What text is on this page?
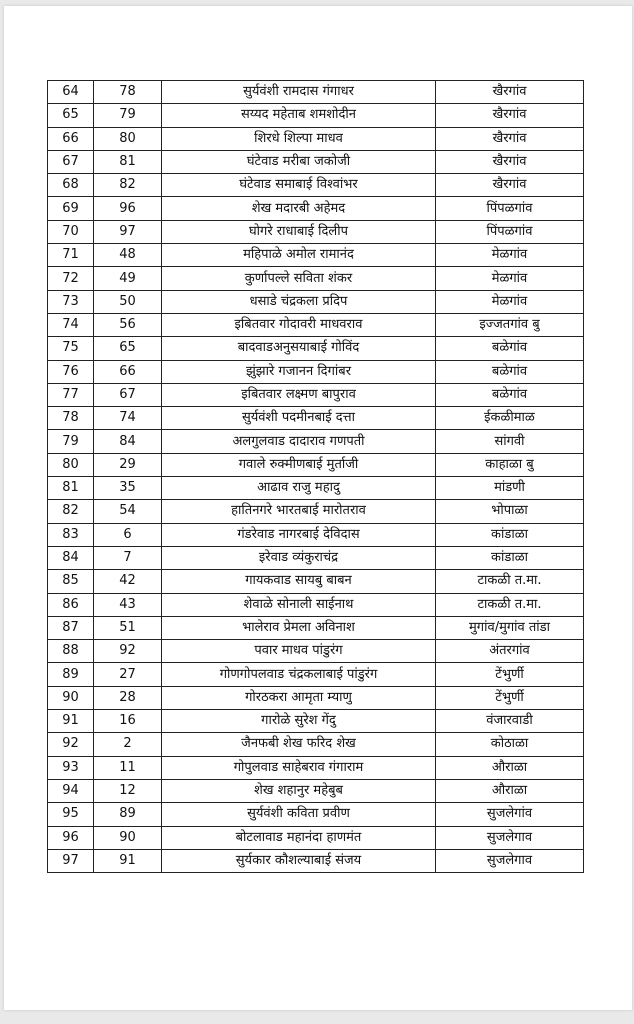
64	78	सुर्यवंशी रामदास गंगाधर	खैरगांव
65	79	सय्यद महेताब शमशोदीन	खैरगांव
66	80	शिरधे शिल्पा माधव	खैरगांव
67	81	घंटेवाड मरीबा जकोजी	खैरगांव
68	82	घंटेवाड समाबाई विश्वांभर	खैरगांव
69	96	शेख मदारबी अहेमद	पिंपळगांव
70	97	घोगरे राधाबाई दिलीप	पिंपळगांव
71	48	महिपाळे अमोल रामानंद	मेळगांव
72	49	कुर्णापल्ले सविता शंकर	मेळगांव
73	50	धसाडे चंद्रकला प्रदिप	मेळगांव
74	56	इबितवार गोदावरी माधवराव	इज्जतगांव बु
75	65	बादवाडअनुसयाबाई गोविंद	बळेगांव
76	66	झुंझारे गजानन दिगांबर	बळेगांव
77	67	इबितवार लक्ष्मण बापुराव	बळेगांव
78	74	सुर्यवंशी पदमीनबाई दत्ता	ईकळीमाळ
79	84	अलगुलवाड दादाराव गणपती	सांगवी
80	29	गवाले रुक्मीणबाई मुर्ताजी	काहाळा बु
81	35	आढाव राजु महादु	मांडणी
82	54	हातिनगरे भारतबाई मारोतराव	भोपाळा
83	6	गंडरेवाड नागरबाई देविदास	कांडाळा
84	7	इरेवाड व्यंकुराचंद्र	कांडाळा
85	42	गायकवाड सायबु बाबन	टाकळी त.मा.
86	43	शेवाळे सोनाली साईनाथ	टाकळी त.मा.
87	51	भालेराव प्रेमला अविनाश	मुगांव/मुगांव तांडा
88	92	पवार माधव पांडुरंग	अंतरगांव
89	27	गोणगोपलवाड चंद्रकलाबाई पांडुरंग	टेंभुर्णी
90	28	गोरठकरा आमृता म्याणु	टेंभुर्णी
91	16	गारोळे सुरेश गेंदु	वंजारवाडी
92	2	जैनफबी शेख फरिद शेख	कोठाळा
93	11	गोपुलवाड साहेबराव गंगाराम	औराळा
94	12	शेख शहानुर महेबुब	औराळा
95	89	सुर्यवंशी कविता प्रवीण	सुजलेगांव
96	90	बोटलावाड महानंदा हाणमंत	सुजलेगाव
97	91	सुर्यकार कौशल्याबाई संजय	सुजलेगाव
